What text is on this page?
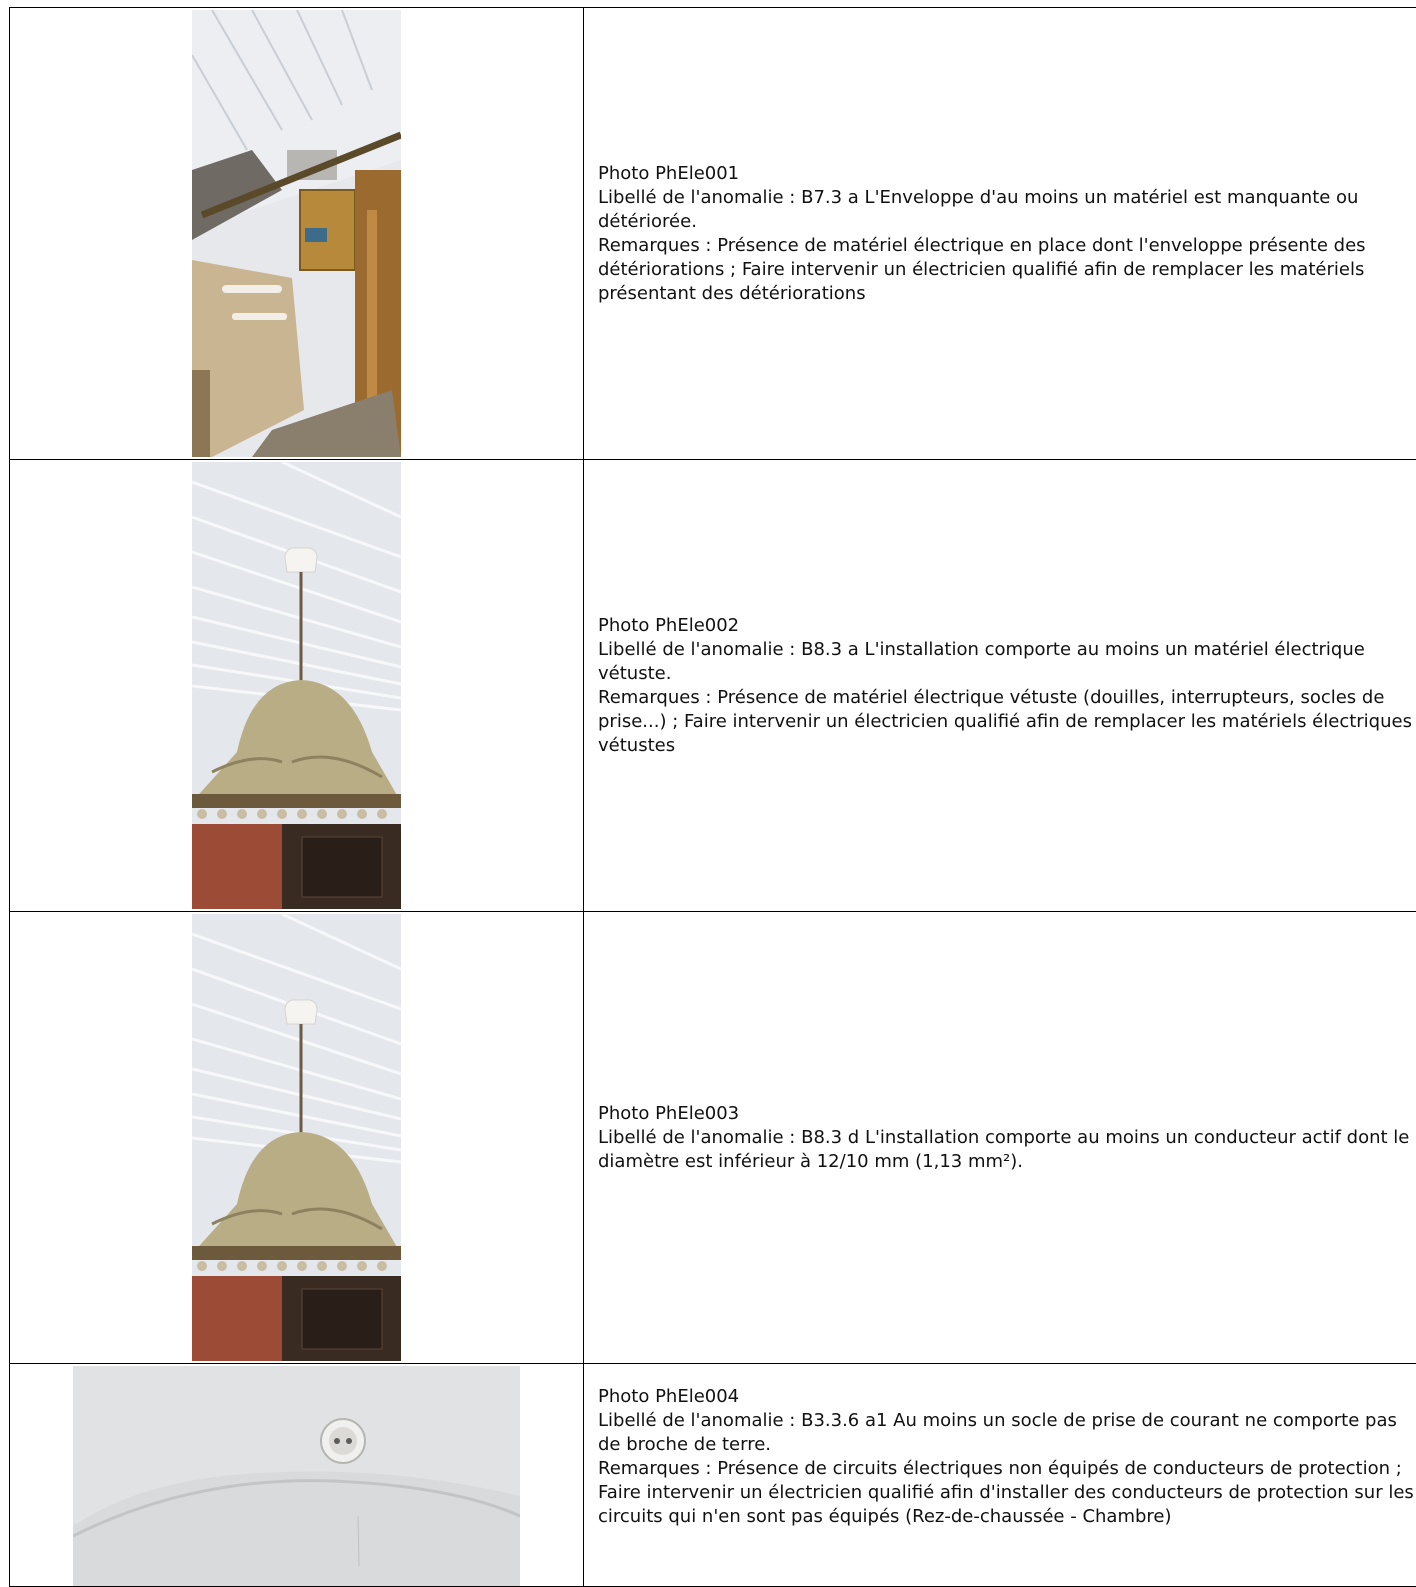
Photo PhEle001
Libellé de l'anomalie : B7.3 a L'Enveloppe d'au moins un matériel est manquante ou détériorée.
Remarques : Présence de matériel électrique en place dont l'enveloppe présente des détériorations ; Faire intervenir un électricien qualifié afin de remplacer les matériels présentant des détériorations

Photo PhEle002
Libellé de l'anomalie : B8.3 a L'installation comporte au moins un matériel électrique vétuste.
Remarques : Présence de matériel électrique vétuste (douilles, interrupteurs, socles de prise...) ; Faire intervenir un électricien qualifié afin de remplacer les matériels électriques vétustes

Photo PhEle003
Libellé de l'anomalie : B8.3 d L'installation comporte au moins un conducteur actif dont le diamètre est inférieur à 12/10 mm (1,13 mm²).

Photo PhEle004
Libellé de l'anomalie : B3.3.6 a1 Au moins un socle de prise de courant ne comporte pas de broche de terre.
Remarques : Présence de circuits électriques non équipés de conducteurs de protection ; Faire intervenir un électricien qualifié afin d'installer des conducteurs de protection sur les circuits qui n'en sont pas équipés (Rez-de-chaussée - Chambre)
